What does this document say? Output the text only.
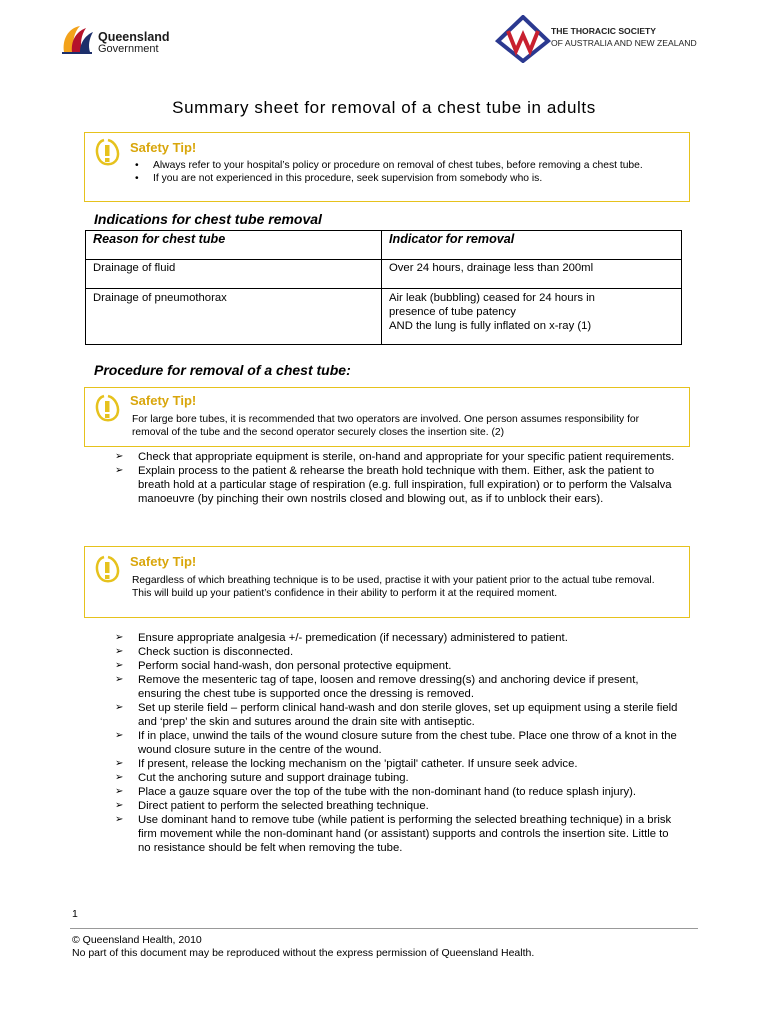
Queensland
Government
THE THORACIC SOCIETY
OF AUSTRALIA AND NEW ZEALAND
Summary sheet for removal of a chest tube in adults
Safety Tip!
• Always refer to your hospital’s policy or procedure on removal of chest tubes, before removing a chest tube.
• If you are not experienced in this procedure, seek supervision from somebody who is.
Indications for chest tube removal
Reason for chest tube	Indicator for removal
Drainage of fluid	Over 24 hours, drainage less than 200ml
Drainage of pneumothorax	Air leak (bubbling) ceased for 24 hours in
presence of tube patency
AND the lung is fully inflated on x-ray (1)
Procedure for removal of a chest tube:
Safety Tip!
For large bore tubes, it is recommended that two operators are involved. One person assumes responsibility for removal of the tube and the second operator securely closes the insertion site. (2)
➢ Check that appropriate equipment is sterile, on-hand and appropriate for your specific patient requirements.
➢ Explain process to the patient & rehearse the breath hold technique with them. Either, ask the patient to breath hold at a particular stage of respiration (e.g. full inspiration, full expiration) or to perform the Valsalva manoeuvre (by pinching their own nostrils closed and blowing out, as if to unblock their ears).
Safety Tip!
Regardless of which breathing technique is to be used, practise it with your patient prior to the actual tube removal. This will build up your patient’s confidence in their ability to perform it at the required moment.
➢ Ensure appropriate analgesia +/- premedication (if necessary) administered to patient.
➢ Check suction is disconnected.
➢ Perform social hand-wash, don personal protective equipment.
➢ Remove the mesenteric tag of tape, loosen and remove dressing(s) and anchoring device if present, ensuring the chest tube is supported once the dressing is removed.
➢ Set up sterile field – perform clinical hand-wash and don sterile gloves, set up equipment using a sterile field and ‘prep’ the skin and sutures around the drain site with antiseptic.
➢ If in place, unwind the tails of the wound closure suture from the chest tube. Place one throw of a knot in the wound closure suture in the centre of the wound.
➢ If present, release the locking mechanism on the 'pigtail' catheter. If unsure seek advice.
➢ Cut the anchoring suture and support drainage tubing.
➢ Place a gauze square over the top of the tube with the non-dominant hand (to reduce splash injury).
➢ Direct patient to perform the selected breathing technique.
➢ Use dominant hand to remove tube (while patient is performing the selected breathing technique) in a brisk firm movement while the non-dominant hand (or assistant) supports and controls the insertion site. Little to no resistance should be felt when removing the tube.
1
© Queensland Health, 2010
No part of this document may be reproduced without the express permission of Queensland Health.
